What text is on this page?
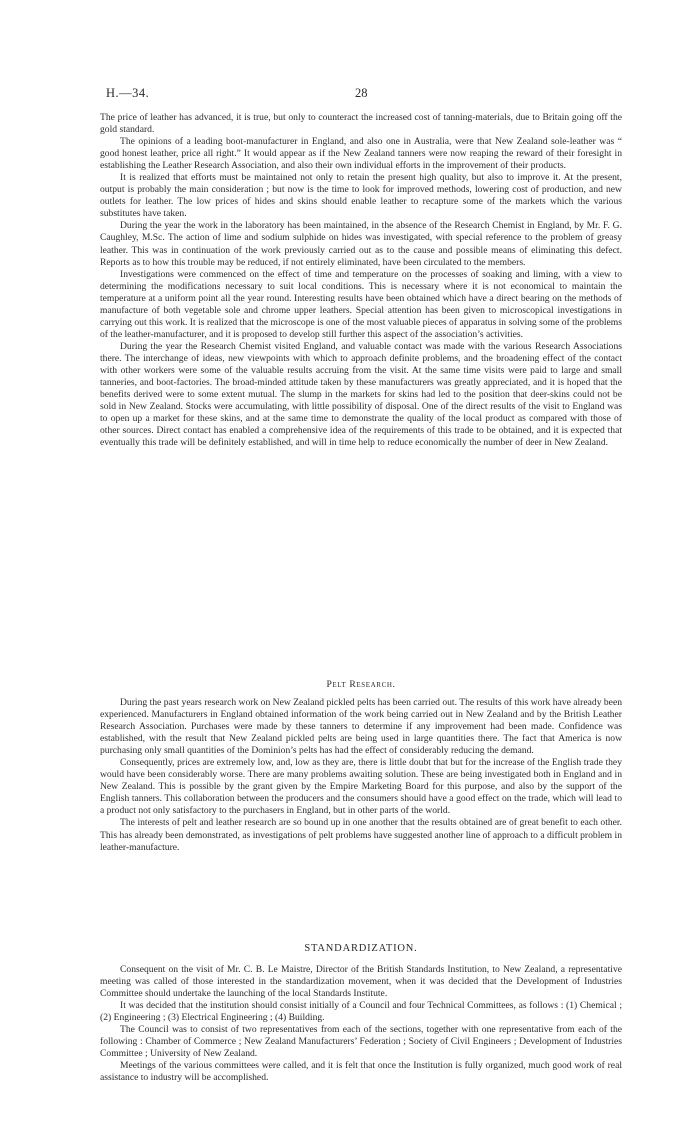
H.—34.	28

The price of leather has advanced, it is true, but only to counteract the increased cost of tanning-materials, due to Britain going off the gold standard.

The opinions of a leading boot-manufacturer in England, and also one in Australia, were that New Zealand sole-leather was “ good honest leather, price all right.” It would appear as if the New Zealand tanners were now reaping the reward of their foresight in establishing the Leather Research Association, and also their own individual efforts in the improvement of their products.

It is realized that efforts must be maintained not only to retain the present high quality, but also to improve it. At the present, output is probably the main consideration ; but now is the time to look for improved methods, lowering cost of production, and new outlets for leather. The low prices of hides and skins should enable leather to recapture some of the markets which the various substitutes have taken.

During the year the work in the laboratory has been maintained, in the absence of the Research Chemist in England, by Mr. F. G. Caughley, M.Sc. The action of lime and sodium sulphide on hides was investigated, with special reference to the problem of greasy leather. This was in continuation of the work previously carried out as to the cause and possible means of eliminating this defect. Reports as to how this trouble may be reduced, if not entirely eliminated, have been circulated to the members.

Investigations were commenced on the effect of time and temperature on the processes of soaking and liming, with a view to determining the modifications necessary to suit local conditions. This is necessary where it is not economical to maintain the temperature at a uniform point all the year round. Interesting results have been obtained which have a direct bearing on the methods of manufacture of both vegetable sole and chrome upper leathers. Special attention has been given to microscopical investigations in carrying out this work. It is realized that the microscope is one of the most valuable pieces of apparatus in solving some of the problems of the leather-manufacturer, and it is proposed to develop still further this aspect of the association’s activities.

During the year the Research Chemist visited England, and valuable contact was made with the various Research Associations there. The interchange of ideas, new viewpoints with which to approach definite problems, and the broadening effect of the contact with other workers were some of the valuable results accruing from the visit. At the same time visits were paid to large and small tanneries, and boot-factories. The broad-minded attitude taken by these manufacturers was greatly appreciated, and it is hoped that the benefits derived were to some extent mutual. The slump in the markets for skins had led to the position that deer-skins could not be sold in New Zealand. Stocks were accumulating, with little possibility of disposal. One of the direct results of the visit to England was to open up a market for these skins, and at the same time to demonstrate the quality of the local product as compared with those of other sources. Direct contact has enabled a comprehensive idea of the requirements of this trade to be obtained, and it is expected that eventually this trade will be definitely established, and will in time help to reduce economically the number of deer in New Zealand.

Pelt Research.

During the past years research work on New Zealand pickled pelts has been carried out. The results of this work have already been experienced. Manufacturers in England obtained information of the work being carried out in New Zealand and by the British Leather Research Association. Purchases were made by these tanners to determine if any improvement had been made. Confidence was established, with the result that New Zealand pickled pelts are being used in large quantities there. The fact that America is now purchasing only small quantities of the Dominion’s pelts has had the effect of considerably reducing the demand.

Consequently, prices are extremely low, and, low as they are, there is little doubt that but for the increase of the English trade they would have been considerably worse. There are many problems awaiting solution. These are being investigated both in England and in New Zealand. This is possible by the grant given by the Empire Marketing Board for this purpose, and also by the support of the English tanners. This collaboration between the producers and the consumers should have a good effect on the trade, which will lead to a product not only satisfactory to the purchasers in England, but in other parts of the world.

The interests of pelt and leather research are so bound up in one another that the results obtained are of great benefit to each other. This has already been demonstrated, as investigations of pelt problems have suggested another line of approach to a difficult problem in leather-manufacture.

STANDARDIZATION.

Consequent on the visit of Mr. C. B. Le Maistre, Director of the British Standards Institution, to New Zealand, a representative meeting was called of those interested in the standardization movement, when it was decided that the Development of Industries Committee should undertake the launching of the local Standards Institute.

It was decided that the institution should consist initially of a Council and four Technical Committees, as follows : (1) Chemical ; (2) Engineering ; (3) Electrical Engineering ; (4) Building.

The Council was to consist of two representatives from each of the sections, together with one representative from each of the following : Chamber of Commerce ; New Zealand Manufacturers’ Federation ; Society of Civil Engineers ; Development of Industries Committee ; University of New Zealand.

Meetings of the various committees were called, and it is felt that once the Institution is fully organized, much good work of real assistance to industry will be accomplished.
